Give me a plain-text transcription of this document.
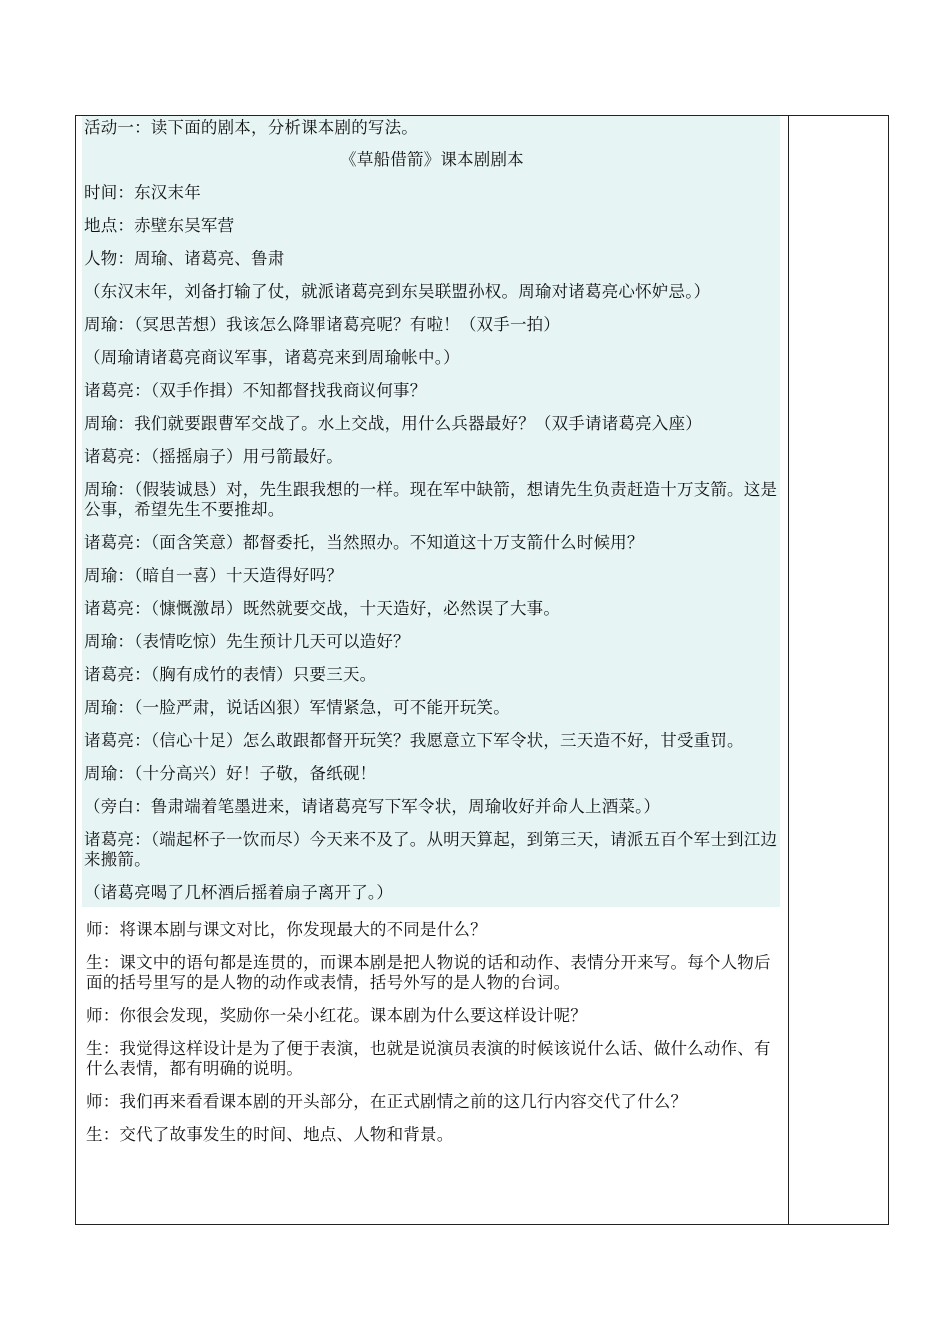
活动一：读下面的剧本，分析课本剧的写法。
《草船借箭》课本剧剧本
时间：东汉末年
地点：赤壁东吴军营
人物：周瑜、诸葛亮、鲁肃
（东汉末年，刘备打输了仗，就派诸葛亮到东吴联盟孙权。周瑜对诸葛亮心怀妒忌。）
周瑜：（冥思苦想）我该怎么降罪诸葛亮呢？有啦！（双手一拍）
（周瑜请诸葛亮商议军事，诸葛亮来到周瑜帐中。）
诸葛亮：（双手作揖）不知都督找我商议何事？
周瑜：我们就要跟曹军交战了。水上交战，用什么兵器最好？（双手请诸葛亮入座）
诸葛亮：（摇摇扇子）用弓箭最好。
周瑜：（假装诚恳）对，先生跟我想的一样。现在军中缺箭，想请先生负责赶造十万支箭。这是公事，希望先生不要推却。
诸葛亮：（面含笑意）都督委托，当然照办。不知道这十万支箭什么时候用？
周瑜：（暗自一喜）十天造得好吗？
诸葛亮：（慷慨激昂）既然就要交战，十天造好，必然误了大事。
周瑜：（表情吃惊）先生预计几天可以造好？
诸葛亮：（胸有成竹的表情）只要三天。
周瑜：（一脸严肃，说话凶狠）军情紧急，可不能开玩笑。
诸葛亮：（信心十足）怎么敢跟都督开玩笑？我愿意立下军令状，三天造不好，甘受重罚。
周瑜：（十分高兴）好！子敬，备纸砚！
（旁白：鲁肃端着笔墨进来，请诸葛亮写下军令状，周瑜收好并命人上酒菜。）
诸葛亮：（端起杯子一饮而尽）今天来不及了。从明天算起，到第三天，请派五百个军士到江边来搬箭。
（诸葛亮喝了几杯酒后摇着扇子离开了。）
师：将课本剧与课文对比，你发现最大的不同是什么？
生：课文中的语句都是连贯的，而课本剧是把人物说的话和动作、表情分开来写。每个人物后面的括号里写的是人物的动作或表情，括号外写的是人物的台词。
师：你很会发现，奖励你一朵小红花。课本剧为什么要这样设计呢？
生：我觉得这样设计是为了便于表演，也就是说演员表演的时候该说什么话、做什么动作、有什么表情，都有明确的说明。
师：我们再来看看课本剧的开头部分，在正式剧情之前的这几行内容交代了什么？
生：交代了故事发生的时间、地点、人物和背景。
